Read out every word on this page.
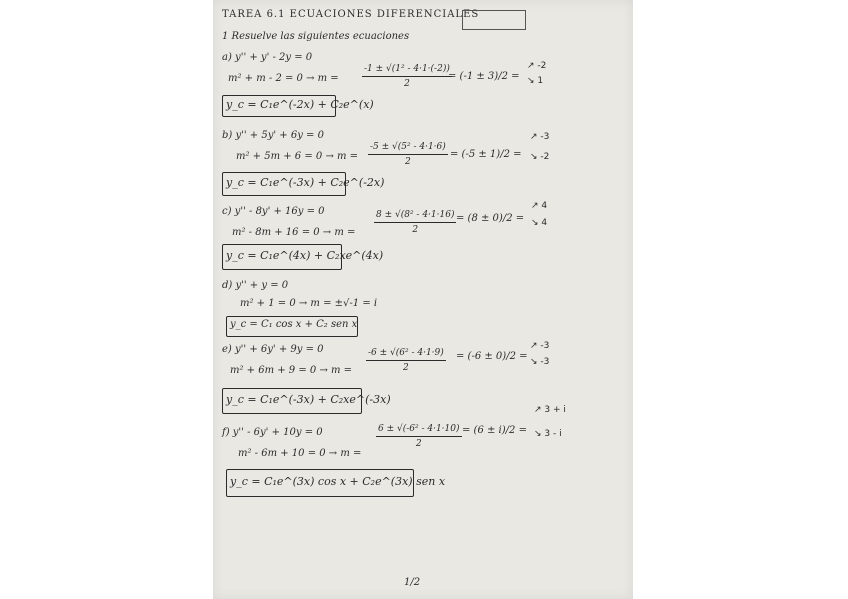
TAREA 6.1 ECUACIONES DIFERENCIALES
1 Resuelve las siguientes ecuaciones
a) y'' + y' - 2y = 0
m² + m - 2 = 0 → m =	$\frac{\text{-1 ± √(1² - 4·1·(-2))}}{2}$
= (-1 ± 3)/2 =
↗ -2
↘ 1
y_c = C₁e^(-2x) + C₂e^(x)
b) y'' + 5y' + 6y = 0
$m^2 + 5m + 6 = 0 \to m = \frac{\text{-5 ± √(5² - 4·1·6)}}{2} = (-5 \pm 1)/2$ =
↗ -3
↘ -2
y_c = C₁e^(-3x) + C₂e^(-2x)
c) y'' - 8y' + 16y = 0
$m^2 - 8m + 16 = 0 \to m = \frac{\text{8 ± √(8² - 4·1·16)}}{2} = (8 \pm 0)/2$ =
↗ 4
↘ 4
y_c = C₁e^(4x) + C₂xe^(4x)
d) y'' + y = 0
m² + 1 = 0 → m = ±√-1 = i
y_c = C₁ cos x + C₂ sen x
e) y'' + 6y' + 9y = 0
$m^2 + 6m + 9 = 0 \to m = \frac{\text{-6 ± √(6² - 4·1·9)}}{2} = (-6 \pm 0)/2$ =
↗ -3
↘ -3
y_c = C₁e^(-3x) + C₂xe^(-3x)
f) y'' - 6y' + 10y = 0
m² - 6m + 10 = 0 → m =
$\frac{\text{6 ± √(-6² - 4·1·10)}}{2} = (6 \pm i)/2$ =
↗ 3 + i
↘ 3 - i
y_c = C₁e^(3x) cos x + C₂e^(3x) sen x
1/2
